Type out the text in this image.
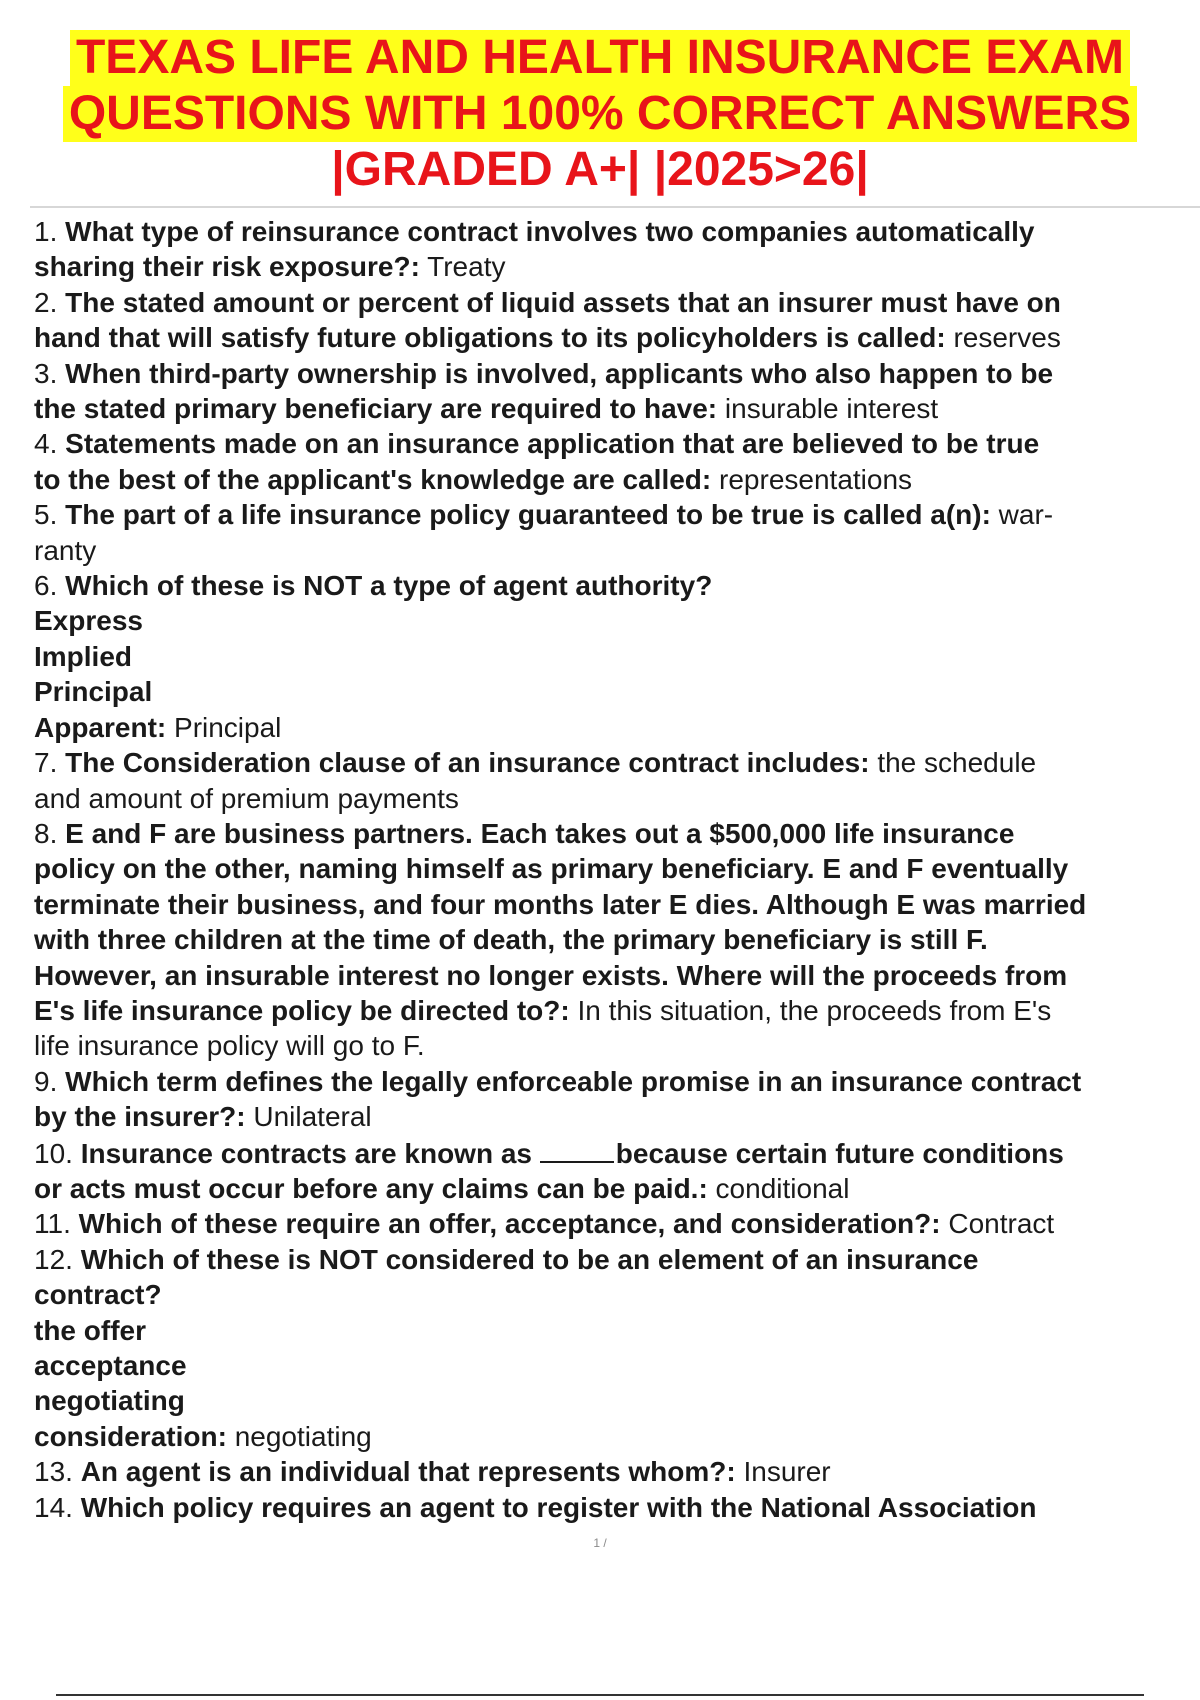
TEXAS LIFE AND HEALTH INSURANCE EXAM
QUESTIONS WITH 100% CORRECT ANSWERS
|GRADED A+| |2025>26|
1. What type of reinsurance contract involves two companies automatically
sharing their risk exposure?: Treaty
2. The stated amount or percent of liquid assets that an insurer must have on
hand that will satisfy future obligations to its policyholders is called: reserves
3. When third-party ownership is involved, applicants who also happen to be
the stated primary beneficiary are required to have: insurable interest
4. Statements made on an insurance application that are believed to be true
to the best of the applicant's knowledge are called: representations
5. The part of a life insurance policy guaranteed to be true is called a(n): war-
ranty
6. Which of these is NOT a type of agent authority?
Express
Implied
Principal
Apparent: Principal
7. The Consideration clause of an insurance contract includes: the schedule
and amount of premium payments
8. E and F are business partners. Each takes out a $500,000 life insurance
policy on the other, naming himself as primary beneficiary. E and F eventually
terminate their business, and four months later E dies. Although E was married
with three children at the time of death, the primary beneficiary is still F.
However, an insurable interest no longer exists. Where will the proceeds from
E's life insurance policy be directed to?: In this situation, the proceeds from E's
life insurance policy will go to F.
9. Which term defines the legally enforceable promise in an insurance contract
by the insurer?: Unilateral
10. Insurance contracts are known as	because certain future conditions
or acts must occur before any claims can be paid.: conditional
11. Which of these require an offer, acceptance, and consideration?: Contract
12. Which of these is NOT considered to be an element of an insurance
contract?
the offer
acceptance
negotiating
consideration: negotiating
13. An agent is an individual that represents whom?: Insurer
14. Which policy requires an agent to register with the National Association
1 /
